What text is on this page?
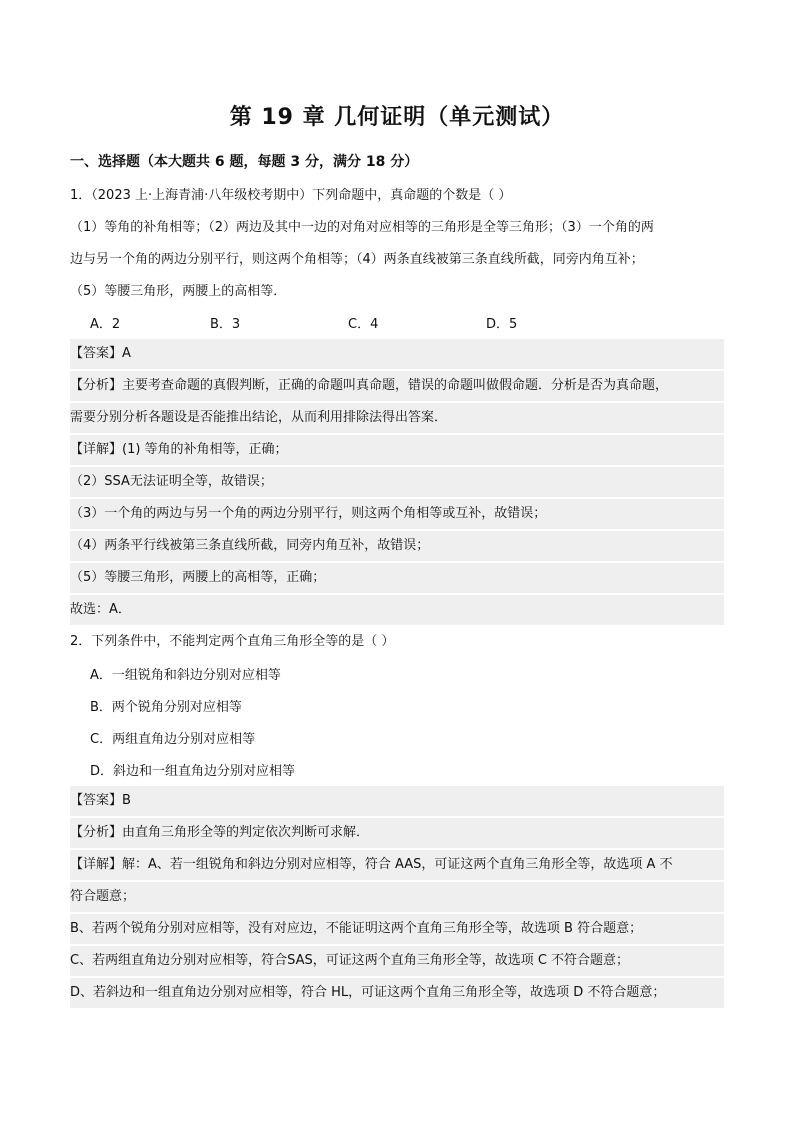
第 19 章 几何证明（单元测试）
一、选择题（本大题共 6 题，每题 3 分，满分 18 分）
1．（2023 上·上海青浦·八年级校考期中）下列命题中，真命题的个数是（ ）
（1）等角的补角相等；（2）两边及其中一边的对角对应相等的三角形是全等三角形；（3）一个角的两
边与另一个角的两边分别平行，则这两个角相等；（4）两条直线被第三条直线所截，同旁内角互补；
（5）等腰三角形，两腰上的高相等．
A．2	B．3	C．4	D．5
【答案】A
【分析】主要考查命题的真假判断，正确的命题叫真命题，错误的命题叫做假命题．分析是否为真命题，
需要分别分析各题设是否能推出结论，从而利用排除法得出答案．
【详解】(1) 等角的补角相等，正确；
（2）SSA无法证明全等，故错误；
（3）一个角的两边与另一个角的两边分别平行，则这两个角相等或互补，故错误；
（4）两条平行线被第三条直线所截，同旁内角互补，故错误；
（5）等腰三角形，两腰上的高相等，正确；
故选：A．
2．下列条件中，不能判定两个直角三角形全等的是（ ）
A．一组锐角和斜边分别对应相等
B．两个锐角分别对应相等
C．两组直角边分别对应相等
D．斜边和一组直角边分别对应相等
【答案】B
【分析】由直角三角形全等的判定依次判断可求解．
【详解】解：A、若一组锐角和斜边分别对应相等，符合 AAS，可证这两个直角三角形全等，故选项 A 不
符合题意；
B、若两个锐角分别对应相等，没有对应边，不能证明这两个直角三角形全等，故选项 B 符合题意；
C、若两组直角边分别对应相等，符合SAS，可证这两个直角三角形全等，故选项 C 不符合题意；
D、若斜边和一组直角边分别对应相等，符合 HL，可证这两个直角三角形全等，故选项 D 不符合题意；
